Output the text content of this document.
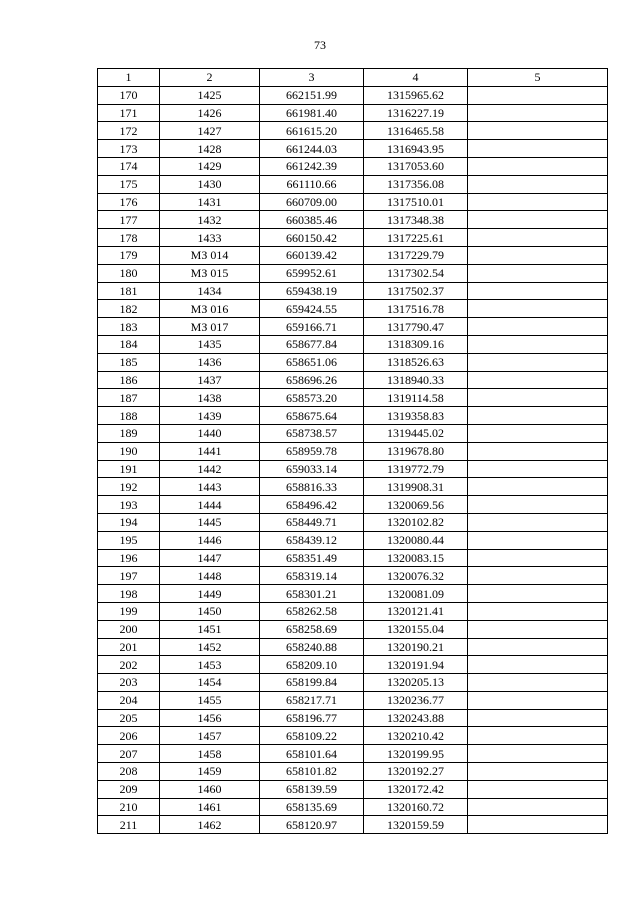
73
1	2	3	4	5
170	1425	662151.99	1315965.62	
171	1426	661981.40	1316227.19	
172	1427	661615.20	1316465.58	
173	1428	661244.03	1316943.95	
174	1429	661242.39	1317053.60	
175	1430	661110.66	1317356.08	
176	1431	660709.00	1317510.01	
177	1432	660385.46	1317348.38	
178	1433	660150.42	1317225.61	
179	МЗ 014	660139.42	1317229.79	
180	МЗ 015	659952.61	1317302.54	
181	1434	659438.19	1317502.37	
182	МЗ 016	659424.55	1317516.78	
183	МЗ 017	659166.71	1317790.47	
184	1435	658677.84	1318309.16	
185	1436	658651.06	1318526.63	
186	1437	658696.26	1318940.33	
187	1438	658573.20	1319114.58	
188	1439	658675.64	1319358.83	
189	1440	658738.57	1319445.02	
190	1441	658959.78	1319678.80	
191	1442	659033.14	1319772.79	
192	1443	658816.33	1319908.31	
193	1444	658496.42	1320069.56	
194	1445	658449.71	1320102.82	
195	1446	658439.12	1320080.44	
196	1447	658351.49	1320083.15	
197	1448	658319.14	1320076.32	
198	1449	658301.21	1320081.09	
199	1450	658262.58	1320121.41	
200	1451	658258.69	1320155.04	
201	1452	658240.88	1320190.21	
202	1453	658209.10	1320191.94	
203	1454	658199.84	1320205.13	
204	1455	658217.71	1320236.77	
205	1456	658196.77	1320243.88	
206	1457	658109.22	1320210.42	
207	1458	658101.64	1320199.95	
208	1459	658101.82	1320192.27	
209	1460	658139.59	1320172.42	
210	1461	658135.69	1320160.72	
211	1462	658120.97	1320159.59	
